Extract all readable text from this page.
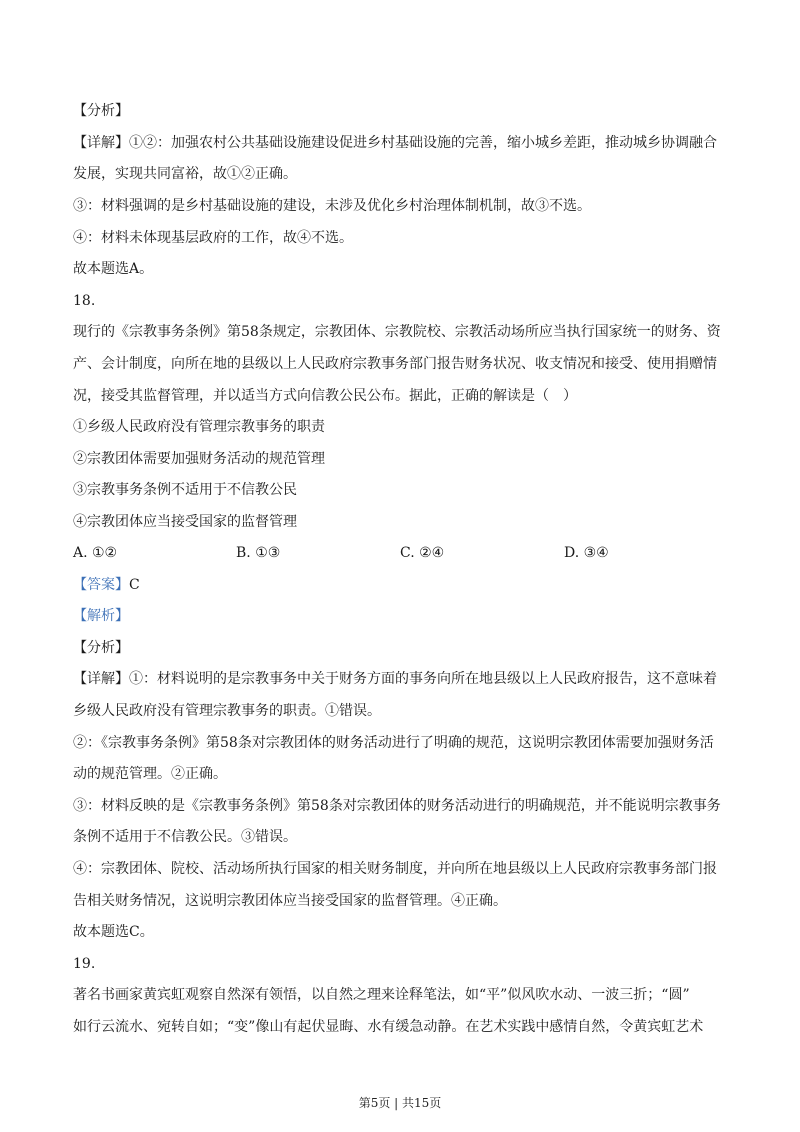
【分析】
【详解】①②：加强农村公共基础设施建设促进乡村基础设施的完善，缩小城乡差距，推动城乡协调融合
发展，实现共同富裕，故①②正确。
③：材料强调的是乡村基础设施的建设，未涉及优化乡村治理体制机制，故③不选。
④：材料未体现基层政府的工作，故④不选。
故本题选A。
18.
现行的《宗教事务条例》第58条规定，宗教团体、宗教院校、宗教活动场所应当执行国家统一的财务、资
产、会计制度，向所在地的县级以上人民政府宗教事务部门报告财务状况、收支情况和接受、使用捐赠情
况，接受其监督管理，并以适当方式向信教公民公布。据此，正确的解读是（　）
①乡级人民政府没有管理宗教事务的职责
②宗教团体需要加强财务活动的规范管理
③宗教事务条例不适用于不信教公民
④宗教团体应当接受国家的监督管理
A. ①②	B. ①③	C. ②④	D. ③④
【答案】C
【解析】
【分析】
【详解】①：材料说明的是宗教事务中关于财务方面的事务向所在地县级以上人民政府报告，这不意味着
乡级人民政府没有管理宗教事务的职责。①错误。
②：《宗教事务条例》第58条对宗教团体的财务活动进行了明确的规范，这说明宗教团体需要加强财务活
动的规范管理。②正确。
③：材料反映的是《宗教事务条例》第58条对宗教团体的财务活动进行的明确规范，并不能说明宗教事务
条例不适用于不信教公民。③错误。
④：宗教团体、院校、活动场所执行国家的相关财务制度，并向所在地县级以上人民政府宗教事务部门报
告相关财务情况，这说明宗教团体应当接受国家的监督管理。④正确。
故本题选C。
19.
著名书画家黄宾虹观察自然深有领悟，以自然之理来诠释笔法，如“平”似风吹水动、一波三折；“圆”
如行云流水、宛转自如；“变”像山有起伏显晦、水有缓急动静。在艺术实践中感情自然，令黄宾虹艺术
第5页 | 共15页
